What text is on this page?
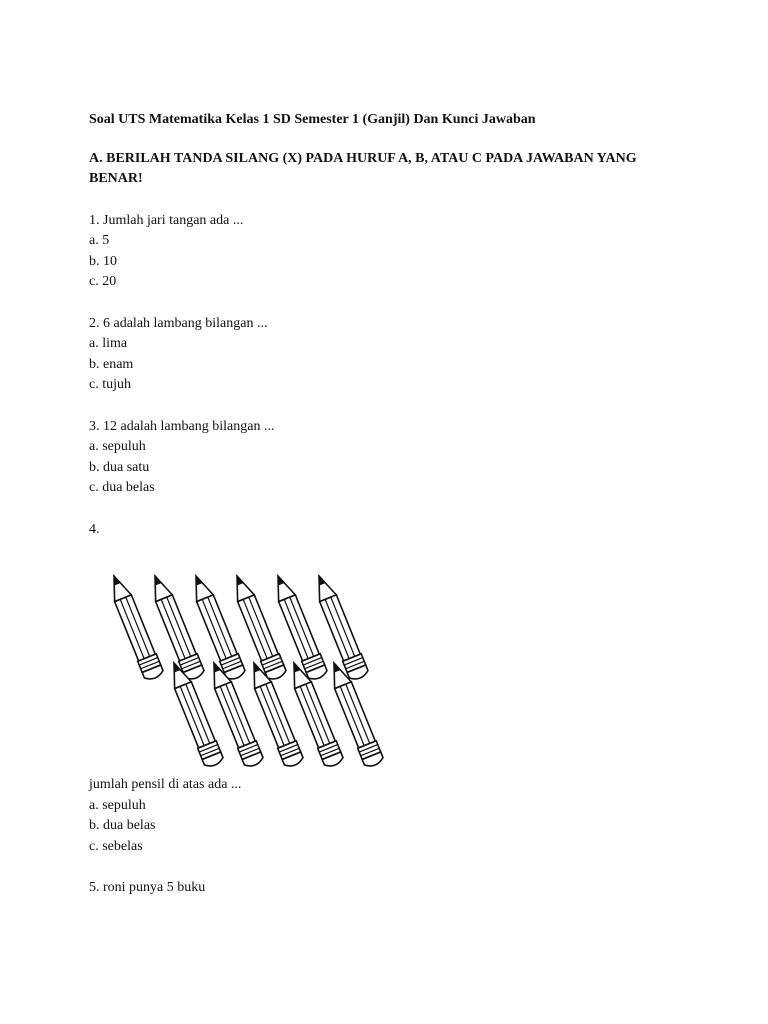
Soal UTS Matematika Kelas 1 SD Semester 1 (Ganjil) Dan Kunci Jawaban

A. BERILAH TANDA SILANG (X) PADA HURUF A, B, ATAU C PADA JAWABAN YANG BENAR!

1. Jumlah jari tangan ada ...

a. 5

b. 10

c. 20

2. 6 adalah lambang bilangan ...

a. lima

b. enam

c. tujuh

3. 12 adalah lambang bilangan ...

a. sepuluh

b. dua satu

c. dua belas

4.

jumlah pensil di atas ada ...

a. sepuluh

b. dua belas

c. sebelas

5. roni punya 5 buku
